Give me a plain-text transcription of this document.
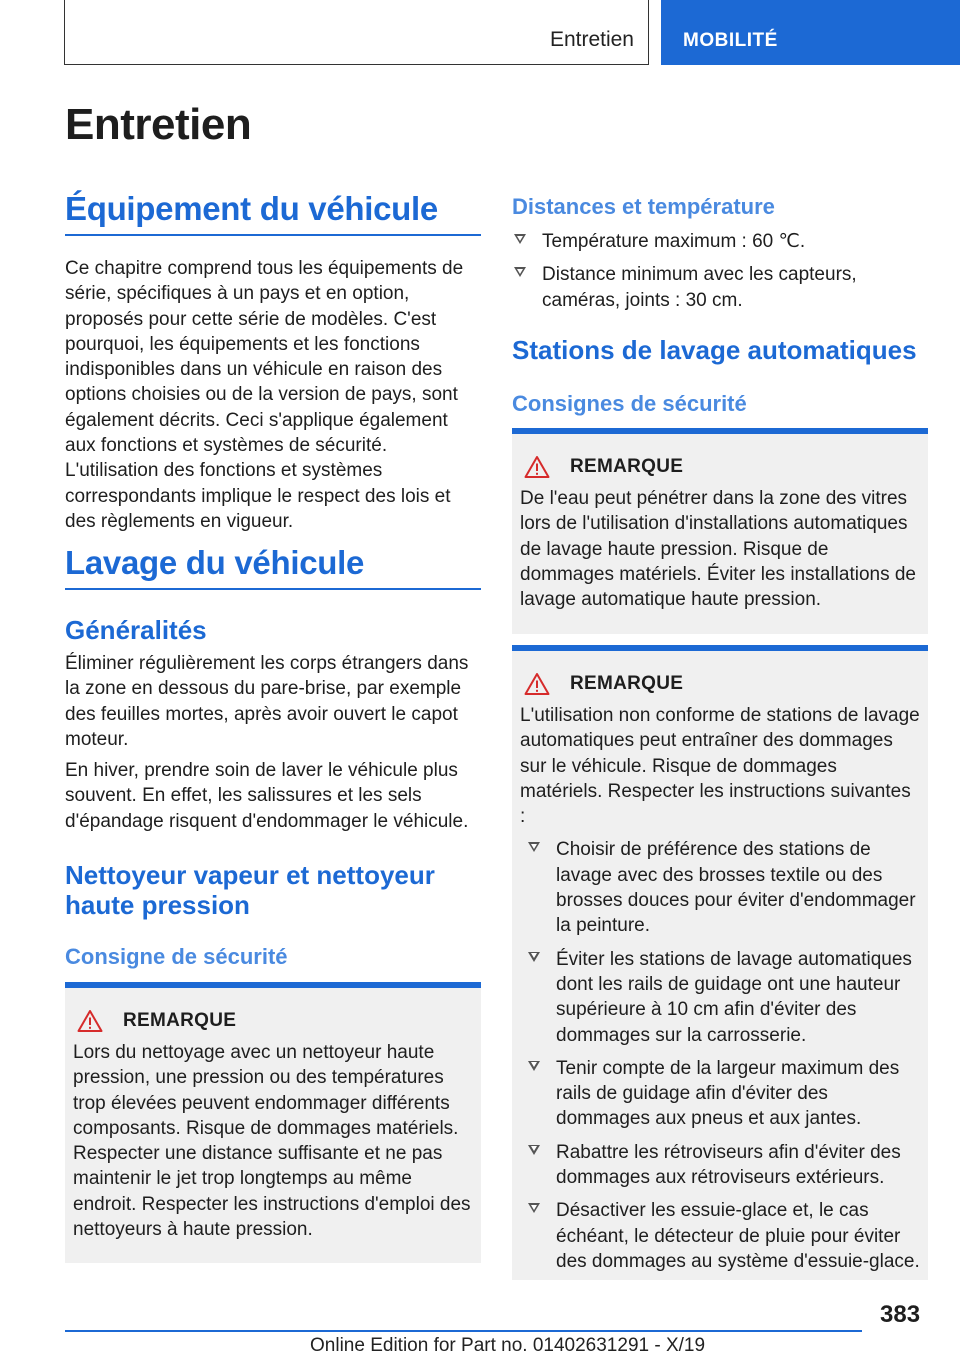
Entretien	MOBILITÉ
Entretien
Équipement du véhicule

Ce chapitre comprend tous les équipements de série, spécifiques à un pays et en option, proposés pour cette série de modèles. C'est pourquoi, les équipements et les fonctions indisponibles dans un véhicule en raison des options choisies ou de la version de pays, sont également décrits. Ceci s'applique également aux fonctions et systèmes de sécurité. L'utilisation des fonctions et systèmes correspondants implique le respect des lois et des règlements en vigueur.

Lavage du véhicule
Généralités

Éliminer régulièrement les corps étrangers dans la zone en dessous du pare-brise, par exemple des feuilles mortes, après avoir ouvert le capot moteur.

En hiver, prendre soin de laver le véhicule plus souvent. En effet, les salissures et les sels d'épandage risquent d'endommager le véhicule.

Nettoyeur vapeur et nettoyeur
haute pression
Consigne de sécurité
REMARQUE

Lors du nettoyage avec un nettoyeur haute pression, une pression ou des températures trop élevées peuvent endommager différents composants. Risque de dommages matériels. Respecter une distance suffisante et ne pas maintenir le jet trop longtemps au même endroit. Respecter les instructions d'emploi des nettoyeurs à haute pression.

Distances et température
Température maximum : 60 ℃.
Distance minimum avec les capteurs, caméras, joints : 30 cm.
Stations de lavage automatiques
Consignes de sécurité
REMARQUE

De l'eau peut pénétrer dans la zone des vitres lors de l'utilisation d'installations automatiques de lavage haute pression. Risque de dommages matériels. Éviter les installations de lavage automatique haute pression.

REMARQUE

L'utilisation non conforme de stations de lavage automatiques peut entraîner des dommages sur le véhicule. Risque de dommages matériels. Respecter les instructions suivantes :

Choisir de préférence des stations de lavage avec des brosses textile ou des brosses douces pour éviter d'endommager la peinture.
Éviter les stations de lavage automatiques dont les rails de guidage ont une hauteur supérieure à 10 cm afin d'éviter des dommages sur la carrosserie.
Tenir compte de la largeur maximum des rails de guidage afin d'éviter des dommages aux pneus et aux jantes.
Rabattre les rétroviseurs afin d'éviter des dommages aux rétroviseurs extérieurs.
Désactiver les essuie-glace et, le cas échéant, le détecteur de pluie pour éviter des dommages au système d'essuie-glace.
383
Online Edition for Part no. 01402631291 - X/19
